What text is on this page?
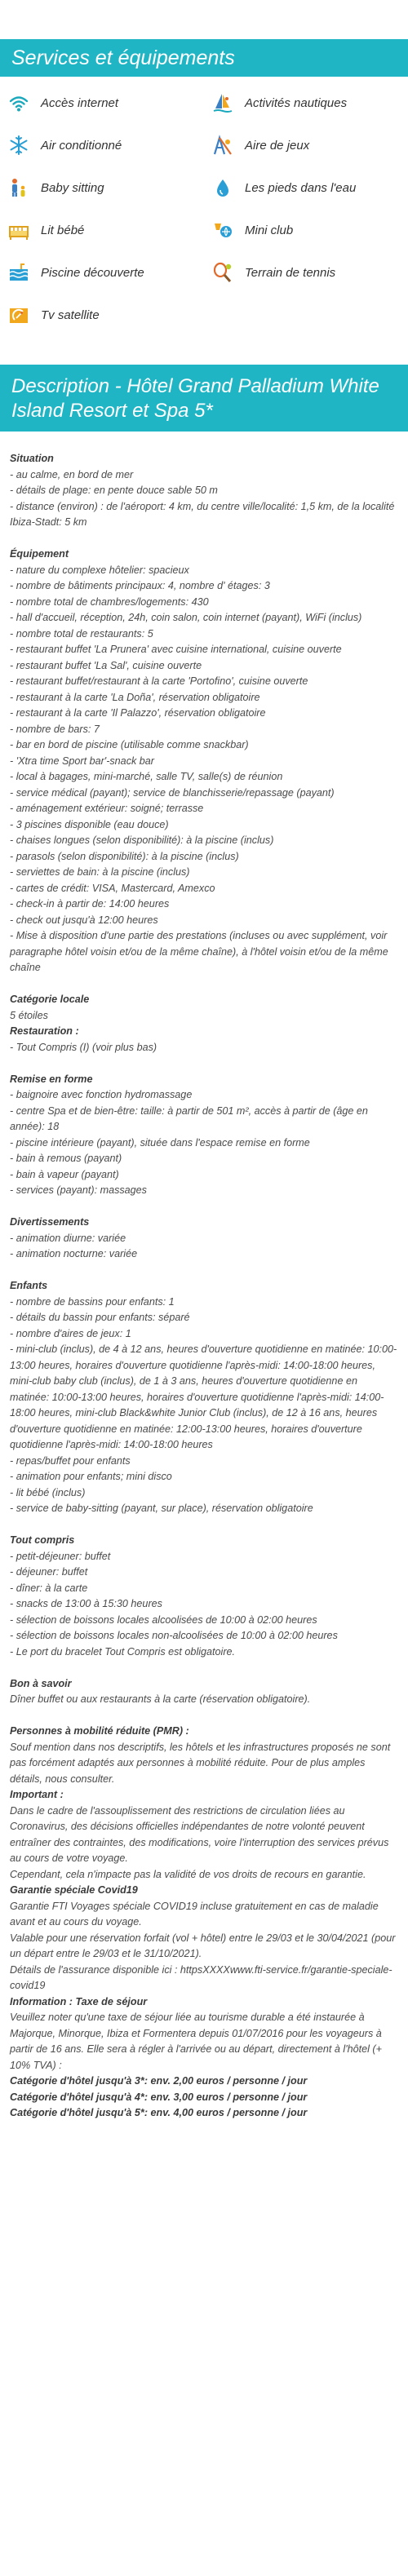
Services et équipements
Accès internet	Activités nautiques
Air conditionné	Aire de jeux
Baby sitting	Les pieds dans l'eau
Lit bébé	Mini club
Piscine découverte	Terrain de tennis
Tv satellite
Description - Hôtel Grand Palladium White Island Resort et Spa 5*
Situation
- au calme, en bord de mer
- détails de plage: en pente douce sable 50 m
- distance (environ) : de l'aéroport: 4 km, du centre ville/localité: 1,5 km, de la localité Ibiza-Stadt: 5 km
Équipement
- nature du complexe hôtelier: spacieux
- nombre de bâtiments principaux: 4, nombre d' étages: 3
- nombre total de chambres/logements: 430
- hall d'accueil, réception, 24h, coin salon, coin internet (payant), WiFi (inclus)
- nombre total de restaurants: 5
- restaurant buffet 'La Prunera' avec cuisine international, cuisine ouverte
- restaurant buffet 'La Sal', cuisine ouverte
- restaurant buffet/restaurant à la carte 'Portofino', cuisine ouverte
- restaurant à la carte 'La Doña', réservation obligatoire
- restaurant à la carte 'Il Palazzo', réservation obligatoire
- nombre de bars: 7
- bar en bord de piscine (utilisable comme snackbar)
- 'Xtra time Sport bar'-snack bar
- local à bagages, mini-marché, salle TV, salle(s) de réunion
- service médical (payant); service de blanchisserie/repassage (payant)
- aménagement extérieur: soigné; terrasse
- 3 piscines disponible (eau douce)
- chaises longues (selon disponibilité): à la piscine (inclus)
- parasols (selon disponibilité): à la piscine (inclus)
- serviettes de bain: à la piscine (inclus)
- cartes de crédit: VISA, Mastercard, Amexco
- check-in à partir de: 14:00 heures
- check out jusqu'à 12:00 heures
- Mise à disposition d'une partie des prestations (incluses ou avec supplément, voir paragraphe hôtel voisin et/ou de la même chaîne), à l'hôtel voisin et/ou de la même chaîne
Catégorie locale
5 étoiles
Restauration :
- Tout Compris (I) (voir plus bas)
Remise en forme
- baignoire avec fonction hydromassage
- centre Spa et de bien-être: taille: à partir de 501 m², accès à partir de (âge en année): 18
- piscine intérieure (payant), située dans l'espace remise en forme
- bain à remous (payant)
- bain à vapeur (payant)
- services (payant): massages
Divertissements
- animation diurne: variée
- animation nocturne: variée
Enfants
- nombre de bassins pour enfants: 1
- détails du bassin pour enfants: séparé
- nombre d'aires de jeux: 1
- mini-club (inclus), de 4 à 12 ans, heures d'ouverture quotidienne en matinée: 10:00-13:00 heures, horaires d'ouverture quotidienne l'après-midi: 14:00-18:00 heures, mini-club baby club (inclus), de 1 à 3 ans, heures d'ouverture quotidienne en matinée: 10:00-13:00 heures, horaires d'ouverture quotidienne l'après-midi: 14:00-18:00 heures, mini-club Black&white Junior Club (inclus), de 12 à 16 ans, heures d'ouverture quotidienne en matinée: 12:00-13:00 heures, horaires d'ouverture quotidienne l'après-midi: 14:00-18:00 heures
- repas/buffet pour enfants
- animation pour enfants; mini disco
- lit bébé (inclus)
- service de baby-sitting (payant, sur place), réservation obligatoire
Tout compris
- petit-déjeuner: buffet
- déjeuner: buffet
- dîner: à la carte
- snacks de 13:00 à 15:30 heures
- sélection de boissons locales alcoolisées de 10:00 à 02:00 heures
- sélection de boissons locales non-alcoolisées de 10:00 à 02:00 heures
- Le port du bracelet Tout Compris est obligatoire.
Bon à savoir
Dîner buffet ou aux restaurants à la carte (réservation obligatoire).
Personnes à mobilité réduite (PMR) :
Souf mention dans nos descriptifs, les hôtels et les infrastructures proposés ne sont pas forcément adaptés aux personnes à mobilité réduite. Pour de plus amples détails, nous consulter.
Important :
Dans le cadre de l'assouplissement des restrictions de circulation liées au Coronavirus, des décisions officielles indépendantes de notre volonté peuvent entraîner des contraintes, des modifications, voire l'interruption des services prévus au cours de votre voyage.
Cependant, cela n'impacte pas la validité de vos droits de recours en garantie.
Garantie spéciale Covid19
Garantie FTI Voyages spéciale COVID19 incluse gratuitement en cas de maladie avant et au cours du voyage.
Valable pour une réservation forfait (vol + hôtel) entre le 29/03 et le 30/04/2021 (pour un départ entre le 29/03 et le 31/10/2021).
Détails de l'assurance disponible ici : httpsXXXXwww.fti-service.fr/garantie-speciale-covid19
Information : Taxe de séjour
Veuillez noter qu'une taxe de séjour liée au tourisme durable a été instaurée à Majorque, Minorque, Ibiza et Formentera depuis 01/07/2016 pour les voyageurs à partir de 16 ans. Elle sera à régler à l'arrivée ou au départ, directement à l'hôtel (+ 10% TVA) :
Catégorie d'hôtel jusqu'à 3*: env. 2,00 euros / personne / jour
Catégorie d'hôtel jusqu'à 4*: env. 3,00 euros / personne / jour
Catégorie d'hôtel jusqu'à 5*: env. 4,00 euros / personne / jour
